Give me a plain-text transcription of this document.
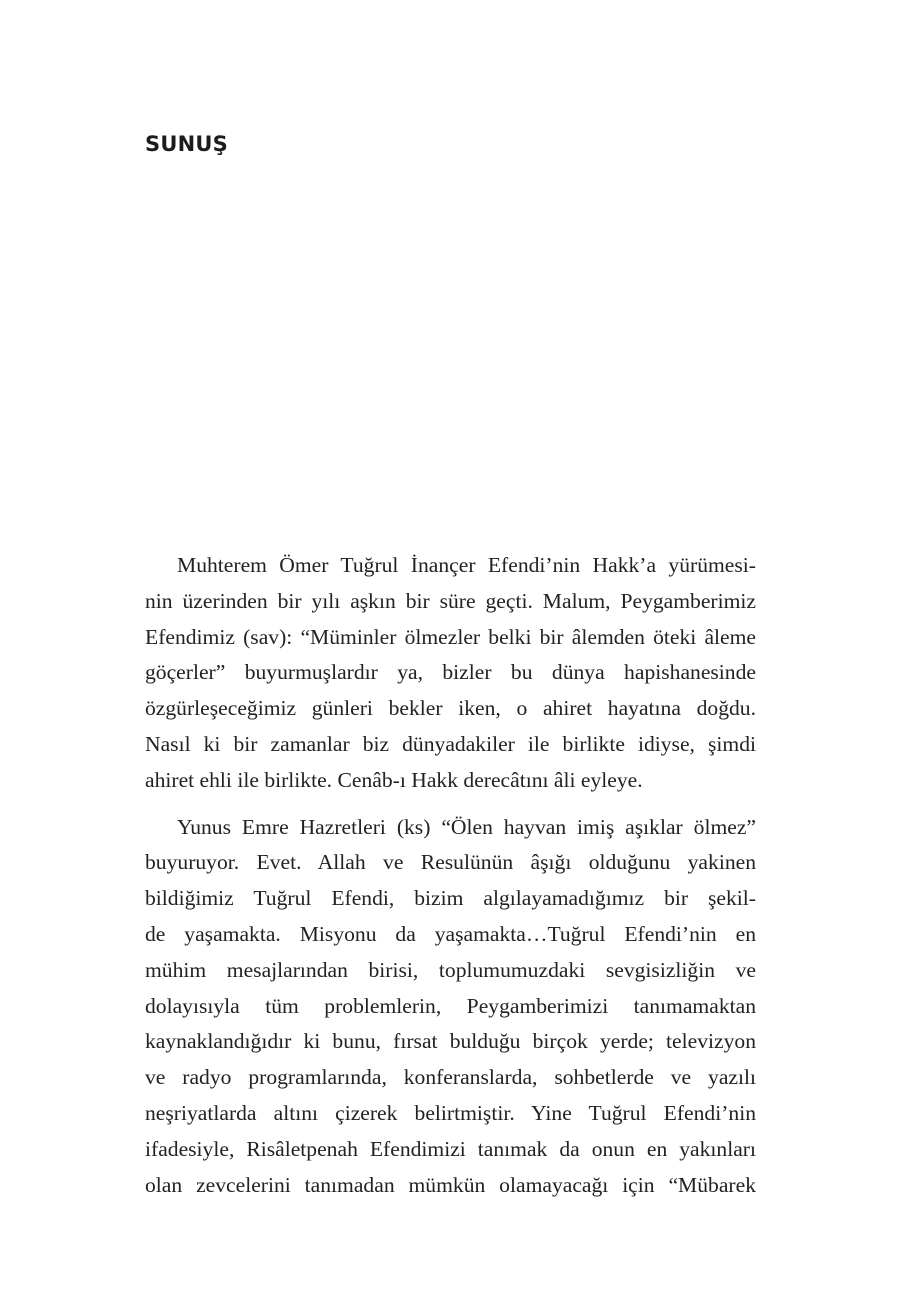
SUNUŞ

Muhterem Ömer Tuğrul İnançer Efendi’nin Hakk’a yürümesi-
nin üzerinden bir yılı aşkın bir süre geçti. Malum, Peygamberimiz
Efendimiz (sav): “Müminler ölmezler belki bir âlemden öteki âleme
göçerler” buyurmuşlardır ya, bizler bu dünya hapishanesinde
özgürleşeceğimiz günleri bekler iken, o ahiret hayatına doğdu.
Nasıl ki bir zamanlar biz dünyadakiler ile birlikte idiyse, şimdi
ahiret ehli ile birlikte. Cenâb-ı Hakk derecâtını âli eyleye.

Yunus Emre Hazretleri (ks) “Ölen hayvan imiş aşıklar ölmez”
buyuruyor. Evet. Allah ve Resulünün âşığı olduğunu yakinen
bildiğimiz Tuğrul Efendi, bizim algılayamadığımız bir şekil-
de yaşamakta. Misyonu da yaşamakta…Tuğrul Efendi’nin en
mühim mesajlarından birisi, toplumumuzdaki sevgisizliğin ve
dolayısıyla tüm problemlerin, Peygamberimizi tanımamaktan
kaynaklandığıdır ki bunu, fırsat bulduğu birçok yerde; televizyon
ve radyo programlarında, konferanslarda, sohbetlerde ve yazılı
neşriyatlarda altını çizerek belirtmiştir. Yine Tuğrul Efendi’nin
ifadesiyle, Risâletpenah Efendimizi tanımak da onun en yakınları
olan zevcelerini tanımadan mümkün olamayacağı için “Mübarek
